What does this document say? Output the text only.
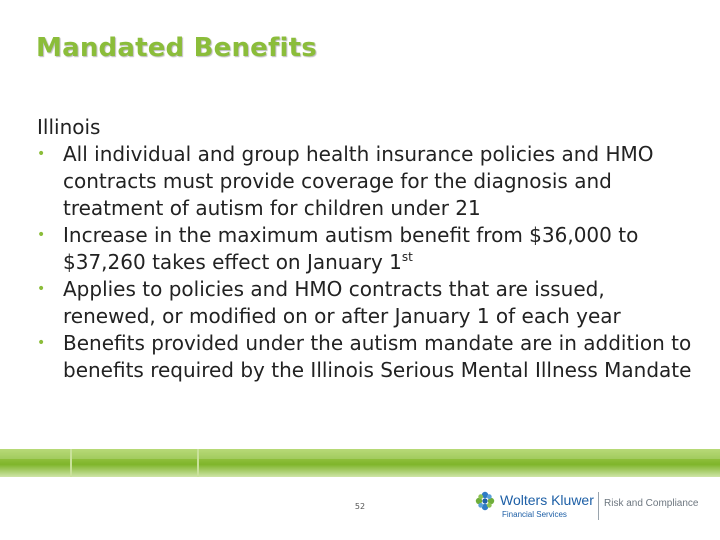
Mandated Benefits

Illinois

• All individual and group health insurance policies and HMO contracts must provide coverage for the diagnosis and treatment of autism for children under 21
• Increase in the maximum autism benefit from $36,000 to $37,260 takes effect on January 1st
• Applies to policies and HMO contracts that are issued, renewed, or modified on or after January 1 of each year
• Benefits provided under the autism mandate are in addition to benefits required by the Illinois Serious Mental Illness Mandate
52	Wolters Kluwer
Financial Services
Risk and Compliance
